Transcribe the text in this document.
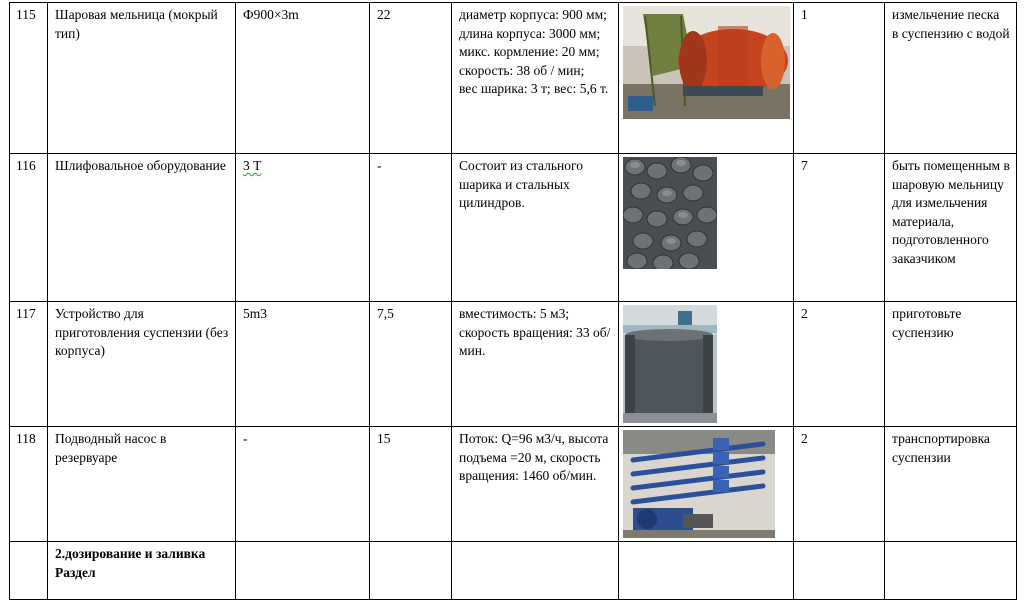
115	Шаровая мельница (мокрый тип)	Ф900×3m	22	диаметр корпуса: 900 мм;
длина корпуса: 3000 мм; микс. кормление: 20 мм; скорость: 38 об / мин;
вес шарика: 3 т; вес: 5,6 т.		1	измельчение песка
в суспензию с водой
116	Шлифовальное оборудование	3 Т	-	Состоит из стального шарика и стальных цилиндров.		7	быть помещенным в шаровую мельницу для измельчения материала, подготовленного заказчиком
117	Устройство для приготовления суспензии (без корпуса)	5m3	7,5	вместимость: 5 м3;
скорость вращения: 33 об/мин.		2	приготовьте суспензию
118	Подводный насос в резервуаре	-	15	Поток: Q=96 м3/ч, высота подъема =20 м, скорость вращения: 1460 об/мин.		2	транспортировка суспензии
	2.дозирование и заливка
Раздел						
